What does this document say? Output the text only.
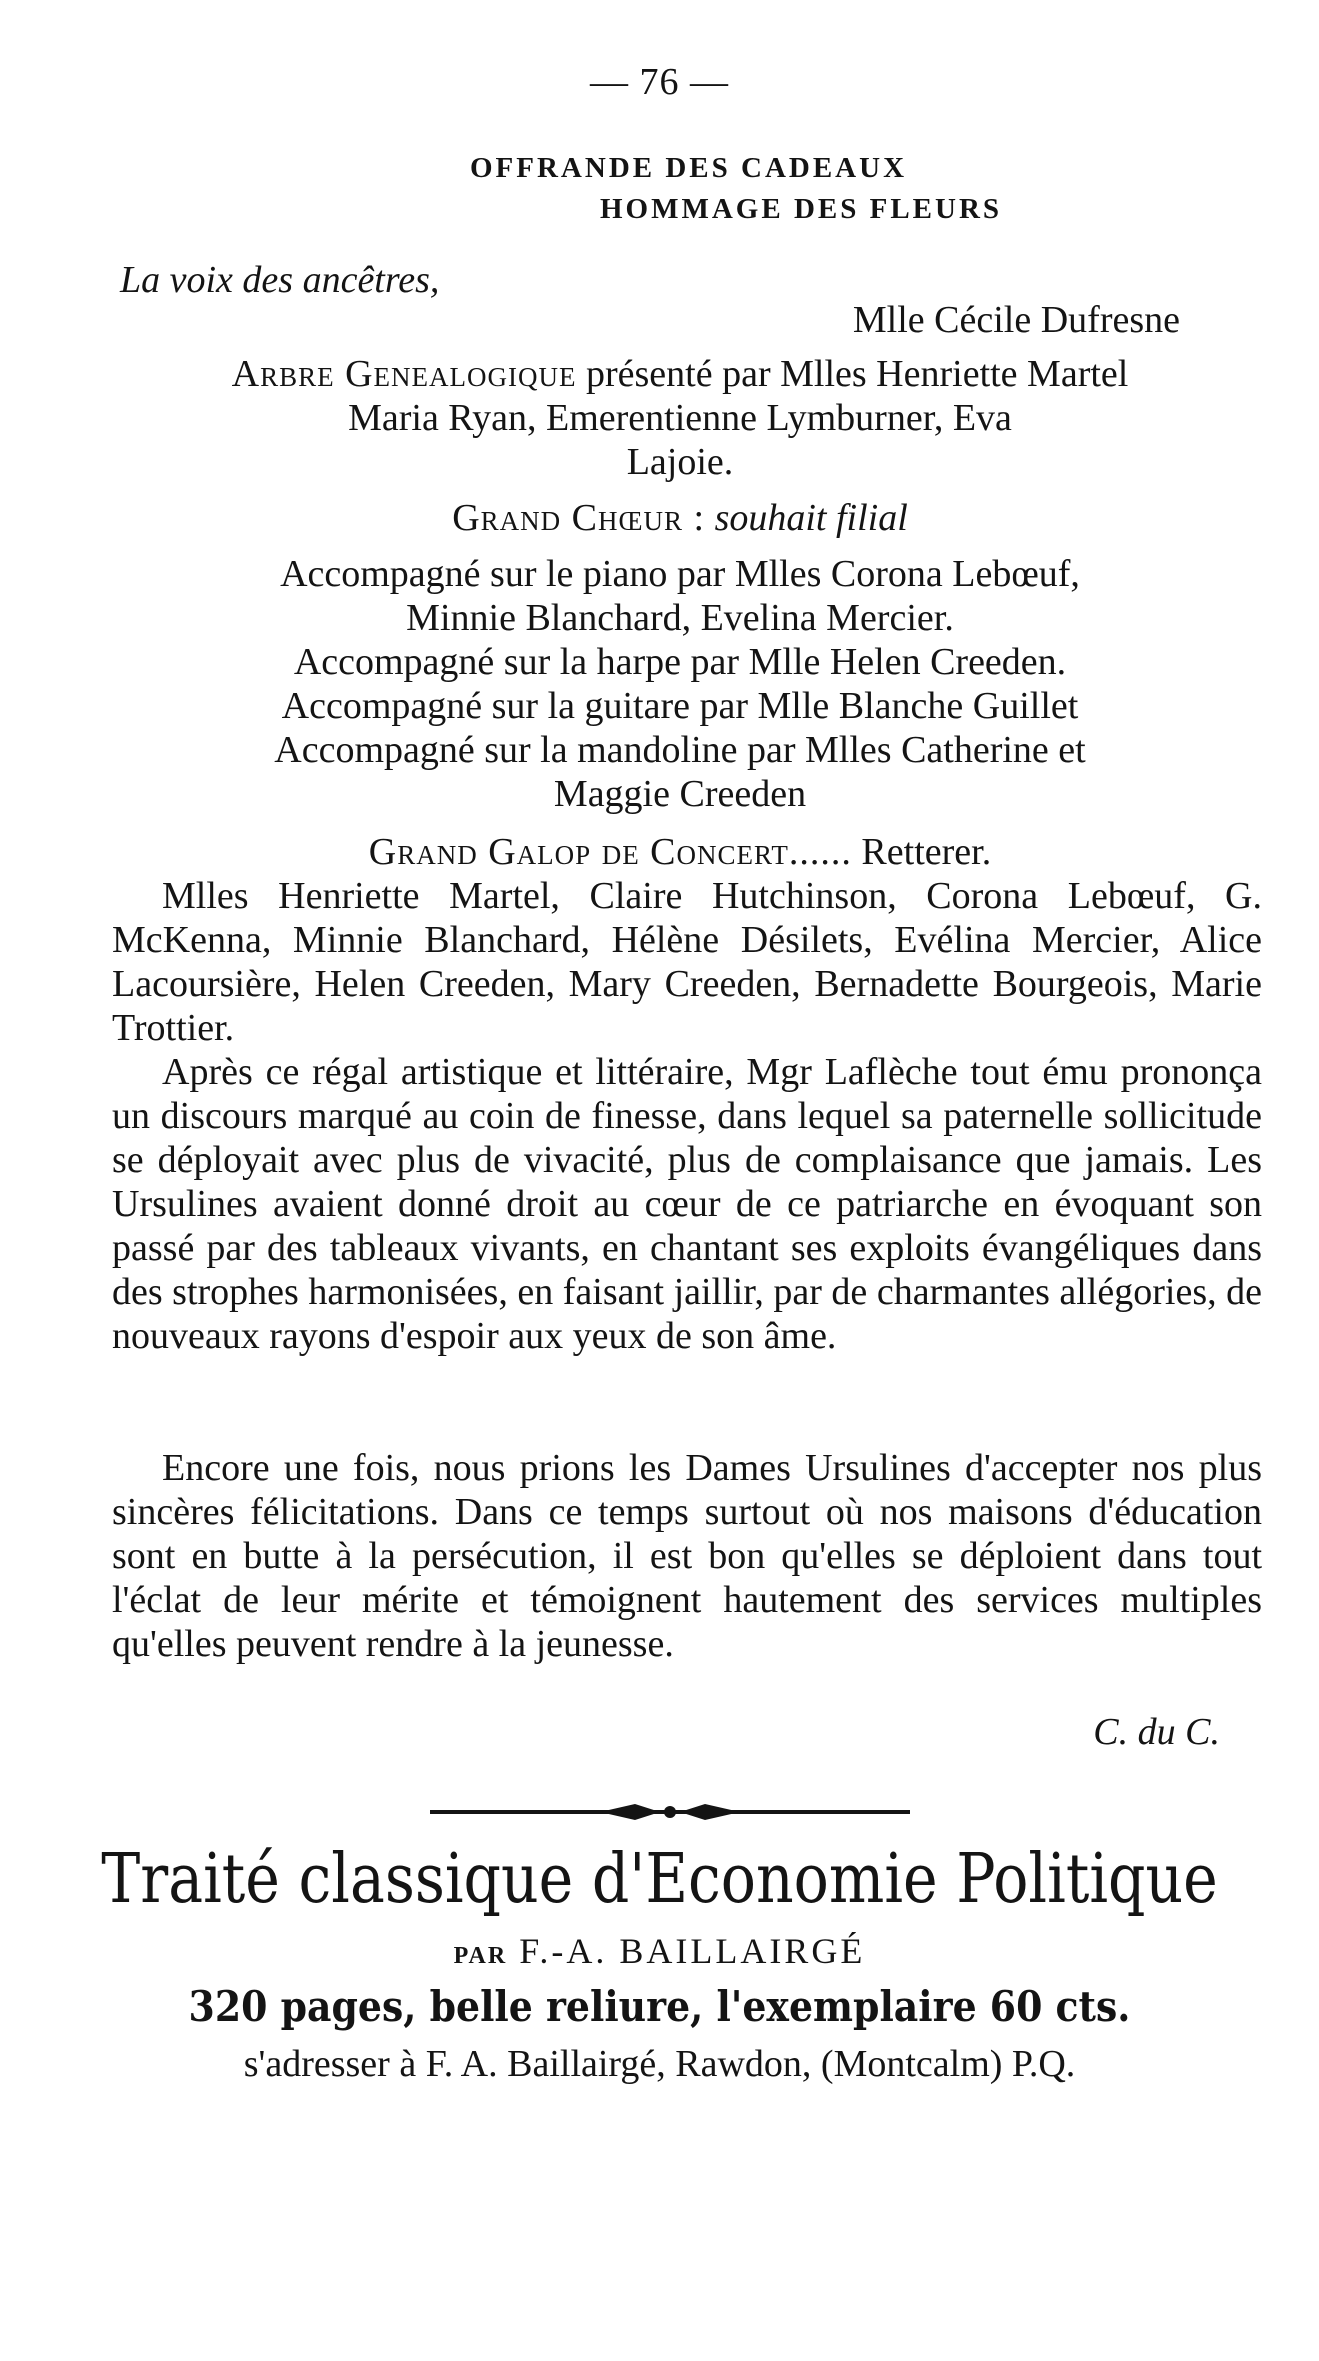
— 76 —
OFFRANDE DES CADEAUX
HOMMAGE DES FLEURS
La voix des ancêtres,
Mlle Cécile Dufresne
Arbre Genealogique présenté par Mlles Henriette Martel
Maria Ryan, Emerentienne Lymburner, Eva
Lajoie.
Grand Chœur : souhait filial
Accompagné sur le piano par Mlles Corona Lebœuf,
Minnie Blanchard, Evelina Mercier.
Accompagné sur la harpe par Mlle Helen Creeden.
Accompagné sur la guitare par Mlle Blanche Guillet
Accompagné sur la mandoline par Mlles Catherine et
Maggie Creeden
Grand Galop de Concert...... Retterer.
Mlles Henriette Martel, Claire Hutchinson, Corona Lebœuf, G. McKenna, Minnie Blanchard, Hélène Désilets, Evélina Mercier, Alice Lacoursière, Helen Creeden, Mary Creeden, Bernadette Bourgeois, Marie Trottier.
Après ce régal artistique et littéraire, Mgr Laflèche tout ému prononça un discours marqué au coin de finesse, dans lequel sa paternelle sollicitude se déployait avec plus de vivacité, plus de complaisance que jamais. Les Ursulines avaient donné droit au cœur de ce patriarche en évoquant son passé par des tableaux vivants, en chantant ses exploits évangéliques dans des strophes harmonisées, en faisant jaillir, par de charmantes allégories, de nouveaux rayons d'espoir aux yeux de son âme.
Encore une fois, nous prions les Dames Ursulines d'accepter nos plus sincères félicitations. Dans ce temps surtout où nos maisons d'éducation sont en butte à la persécution, il est bon qu'elles se déploient dans tout l'éclat de leur mérite et témoignent hautement des services multiples qu'elles peuvent rendre à la jeunesse.
C. du C.
Traité classique d'Economie Politique
PAR F.-A. BAILLAIRGÉ
320 pages, belle reliure, l'exemplaire 60 cts.
s'adresser à F. A. Baillairgé, Rawdon, (Montcalm) P.Q.
